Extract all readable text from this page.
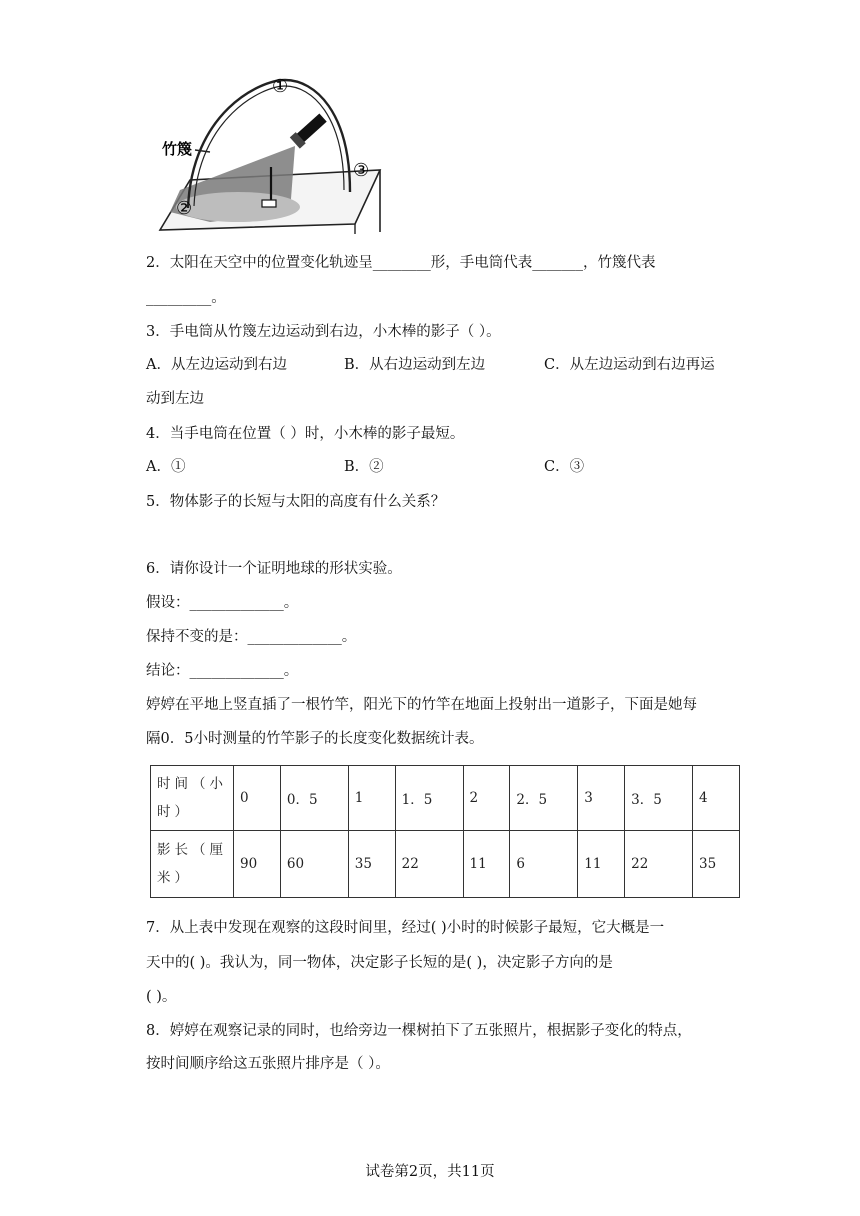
①
②
③
竹篾
2．太阳在天空中的位置变化轨迹呈________形，手电筒代表_______，竹篾代表
_________。
3．手电筒从竹篾左边运动到右边，小木棒的影子（ ）。
A．从左边运动到右边	B．从右边运动到左边	C．从左边运动到右边再运
动到左边
4．当手电筒在位置（ ）时，小木棒的影子最短。
A．①	B．②	C．③
5．物体影子的长短与太阳的高度有什么关系？
6．请你设计一个证明地球的形状实验。
假设：_____________。
保持不变的是：_____________。
结论：_____________。
婷婷在平地上竖直插了一根竹竿，阳光下的竹竿在地面上投射出一道影子，下面是她每
隔0．5小时测量的竹竿影子的长度变化数据统计表。
时间（小时）	0	0．5	1	1．5	2	2．5	3	3．5	4
影长（厘米）	90	60	35	22	11	6	11	22	35
7．从上表中发现在观察的这段时间里，经过( )小时的时候影子最短，它大概是一
天中的( )。我认为，同一物体，决定影子长短的是( )，决定影子方向的是
( )。
8．婷婷在观察记录的同时，也给旁边一棵树拍下了五张照片，根据影子变化的特点，
按时间顺序给这五张照片排序是（ ）。
试卷第2页，共11页
